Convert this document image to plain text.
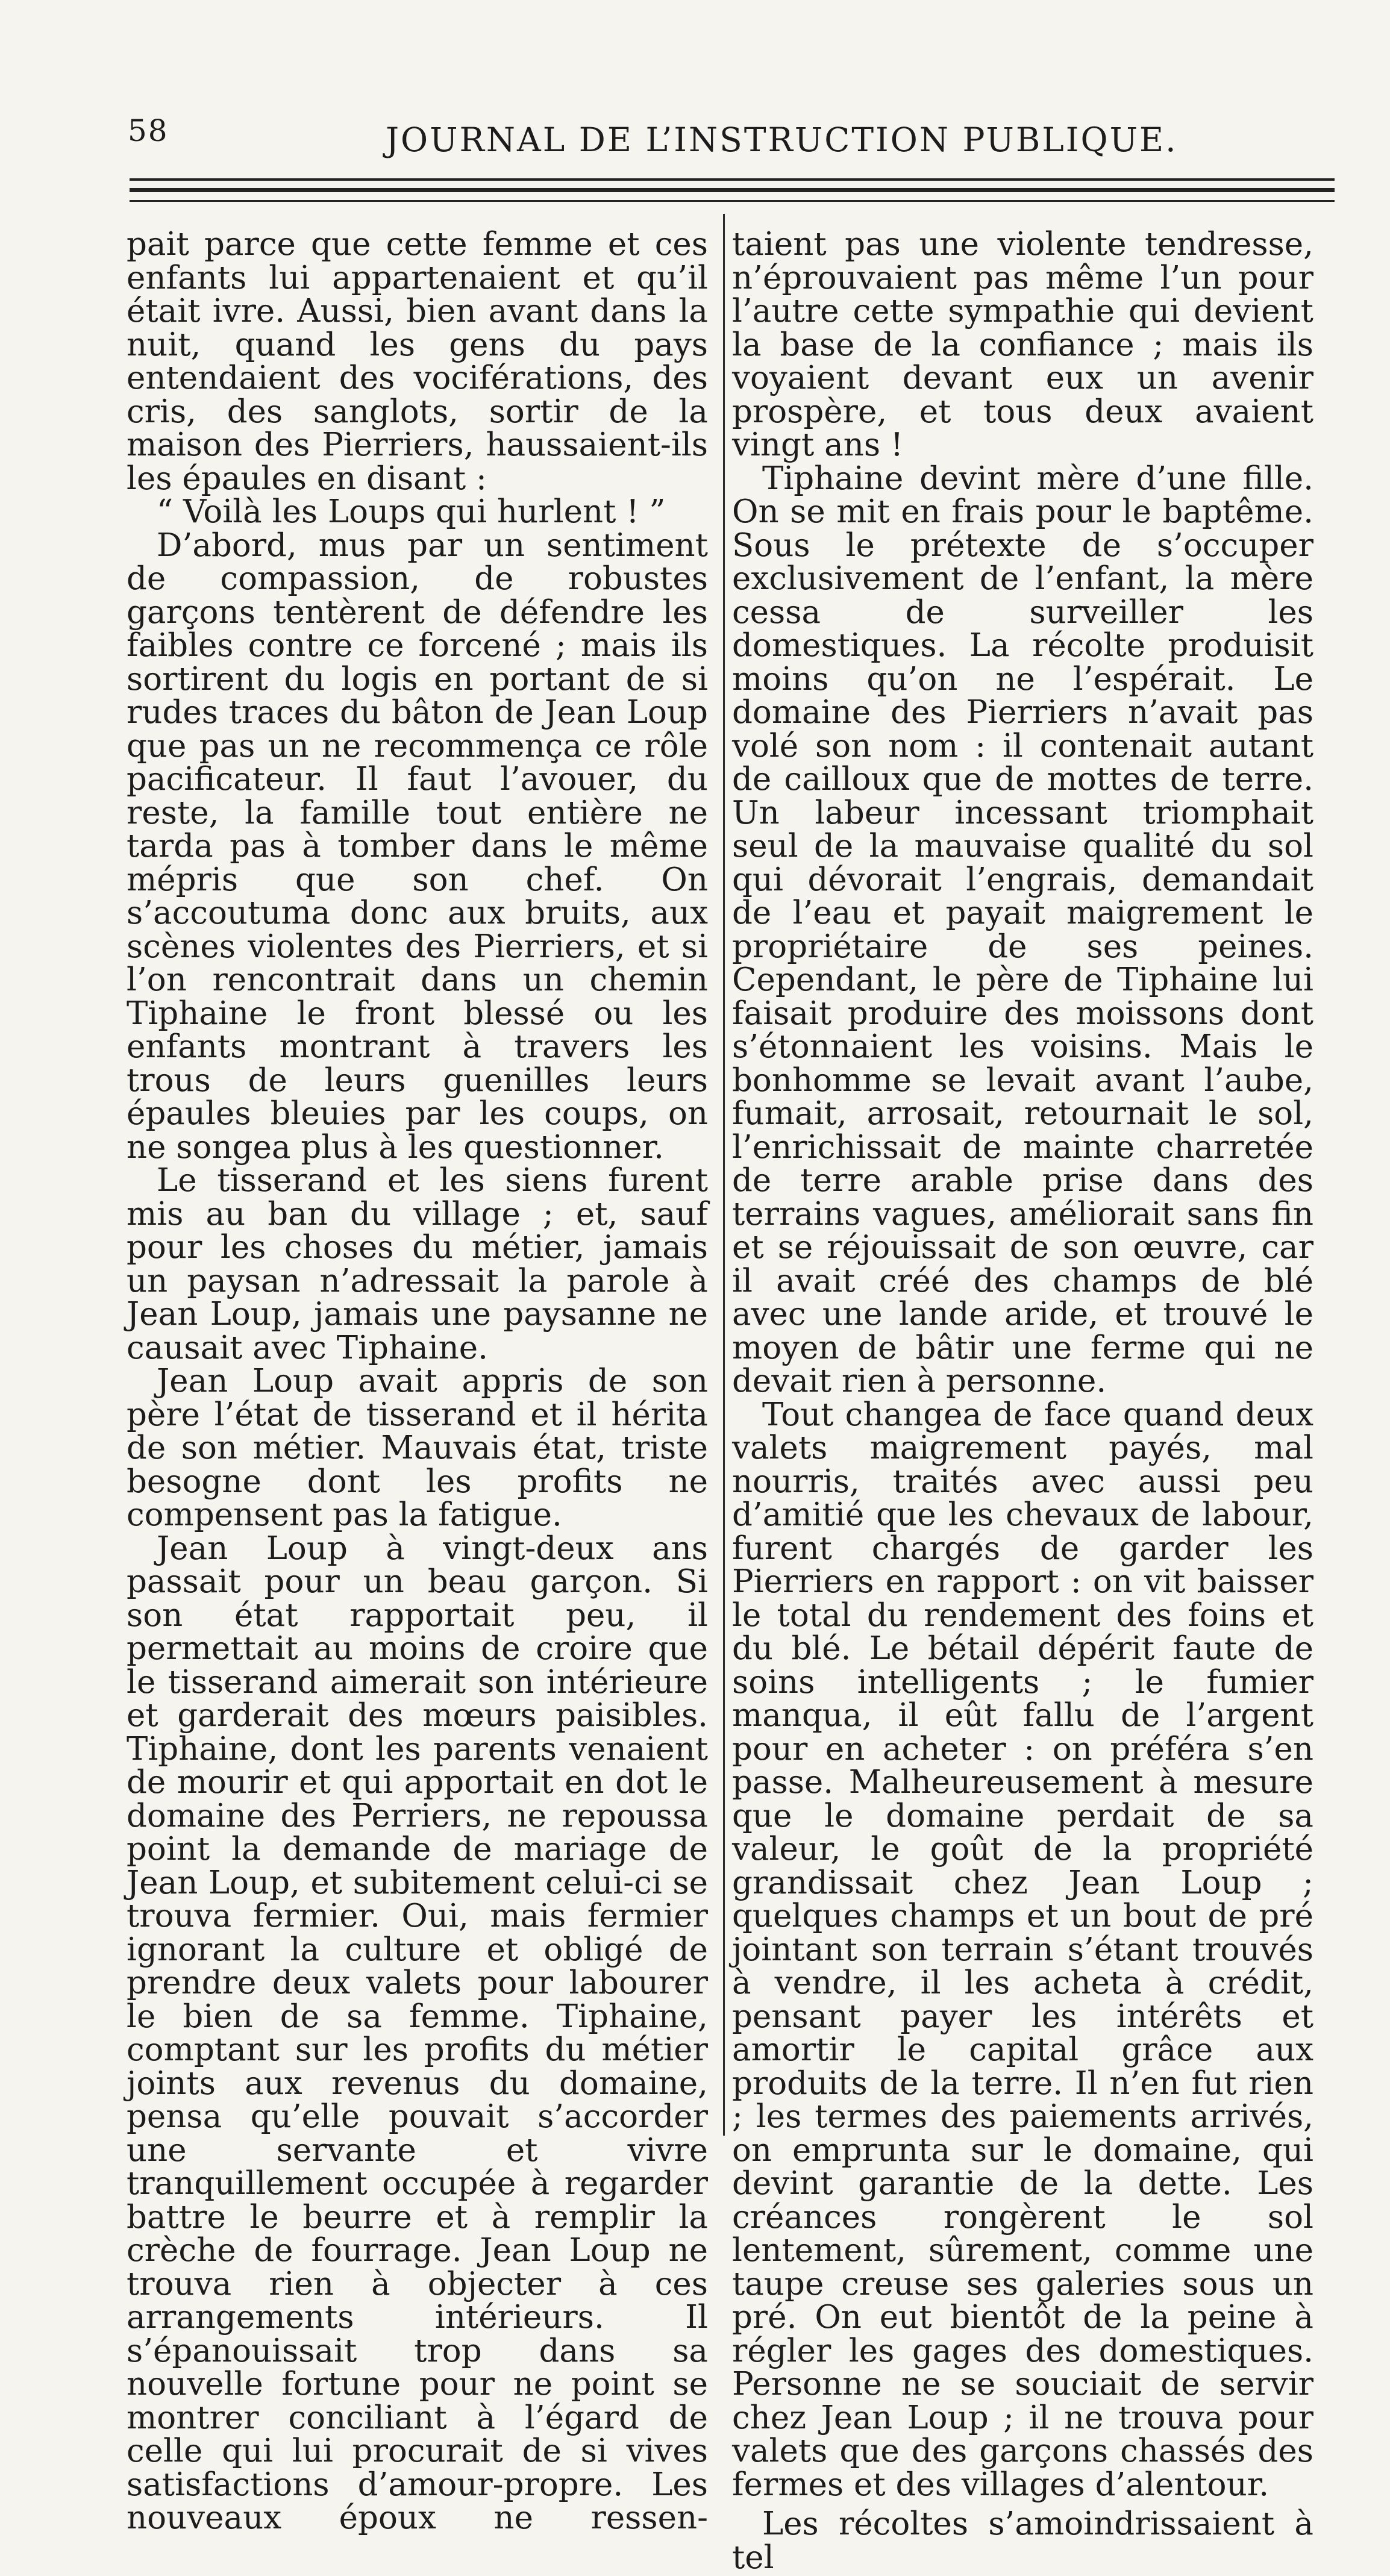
58	JOURNAL DE L’INSTRUCTION PUBLIQUE.

pait parce que cette femme et ces enfants lui appartenaient et qu’il était ivre. Aussi, bien avant dans la nuit, quand les gens du pays entendaient des vociférations, des cris, des sanglots, sortir de la maison des Pierriers, haussaient-ils les épaules en disant :

“ Voilà les Loups qui hurlent ! ”

D’abord, mus par un sentiment de compassion, de robustes garçons tentèrent de défendre les faibles contre ce forcené ; mais ils sortirent du logis en portant de si rudes traces du bâton de Jean Loup que pas un ne recommença ce rôle pacificateur. Il faut l’avouer, du reste, la famille tout entière ne tarda pas à tomber dans le même mépris que son chef. On s’accoutuma donc aux bruits, aux scènes violentes des Pierriers, et si l’on rencontrait dans un chemin Tiphaine le front blessé ou les enfants montrant à travers les trous de leurs guenilles leurs épaules bleuies par les coups, on ne songea plus à les questionner.

Le tisserand et les siens furent mis au ban du village ; et, sauf pour les choses du métier, jamais un paysan n’adressait la parole à Jean Loup, jamais une paysanne ne causait avec Tiphaine.

Jean Loup avait appris de son père l’état de tisserand et il hérita de son métier. Mauvais état, triste besogne dont les profits ne compensent pas la fatigue.

Jean Loup à vingt-deux ans passait pour un beau garçon. Si son état rapportait peu, il permettait au moins de croire que le tisserand aimerait son intérieure et garderait des mœurs paisibles. Tiphaine, dont les parents venaient de mourir et qui apportait en dot le domaine des Perriers, ne repoussa point la demande de mariage de Jean Loup, et subitement celui-ci se trouva fermier. Oui, mais fermier ignorant la culture et obligé de prendre deux valets pour labourer le bien de sa femme. Tiphaine, comptant sur les profits du métier joints aux revenus du domaine, pensa qu’elle pouvait s’accorder une servante et vivre tranquillement occupée à regarder battre le beurre et à remplir la crèche de fourrage. Jean Loup ne trouva rien à objecter à ces arrangements intérieurs. Il s’épanouissait trop dans sa nouvelle fortune pour ne point se montrer conciliant à l’égard de celle qui lui procurait de si vives satisfactions d’amour-propre. Les nouveaux époux ne ressen-

taient pas une violente tendresse, n’éprouvaient pas même l’un pour l’autre cette sympathie qui devient la base de la confiance ; mais ils voyaient devant eux un avenir prospère, et tous deux avaient vingt ans !

Tiphaine devint mère d’une fille. On se mit en frais pour le baptême. Sous le prétexte de s’occuper exclusivement de l’enfant, la mère cessa de surveiller les domestiques. La récolte produisit moins qu’on ne l’espérait. Le domaine des Pierriers n’avait pas volé son nom : il contenait autant de cailloux que de mottes de terre. Un labeur incessant triomphait seul de la mauvaise qualité du sol qui dévorait l’engrais, demandait de l’eau et payait maigrement le propriétaire de ses peines. Cependant, le père de Tiphaine lui faisait produire des moissons dont s’étonnaient les voisins. Mais le bonhomme se levait avant l’aube, fumait, arrosait, retournait le sol, l’enrichissait de mainte charretée de terre arable prise dans des terrains vagues, améliorait sans fin et se réjouissait de son œuvre, car il avait créé des champs de blé avec une lande aride, et trouvé le moyen de bâtir une ferme qui ne devait rien à personne.

Tout changea de face quand deux valets maigrement payés, mal nourris, traités avec aussi peu d’amitié que les chevaux de labour, furent chargés de garder les Pierriers en rapport : on vit baisser le total du rendement des foins et du blé. Le bétail dépérit faute de soins intelligents ; le fumier manqua, il eût fallu de l’argent pour en acheter : on préféra s’en passe. Malheureusement à mesure que le domaine perdait de sa valeur, le goût de la propriété grandissait chez Jean Loup ; quelques champs et un bout de pré jointant son terrain s’étant trouvés à vendre, il les acheta à crédit, pensant payer les intérêts et amortir le capital grâce aux produits de la terre. Il n’en fut rien ; les termes des paiements arrivés, on emprunta sur le domaine, qui devint garantie de la dette. Les créances rongèrent le sol lentement, sûrement, comme une taupe creuse ses galeries sous un pré. On eut bientôt de la peine à régler les gages des domestiques. Personne ne se souciait de servir chez Jean Loup ; il ne trouva pour valets que des garçons chassés des fermes et des villages d’alentour.

Les récoltes s’amoindrissaient à tel
